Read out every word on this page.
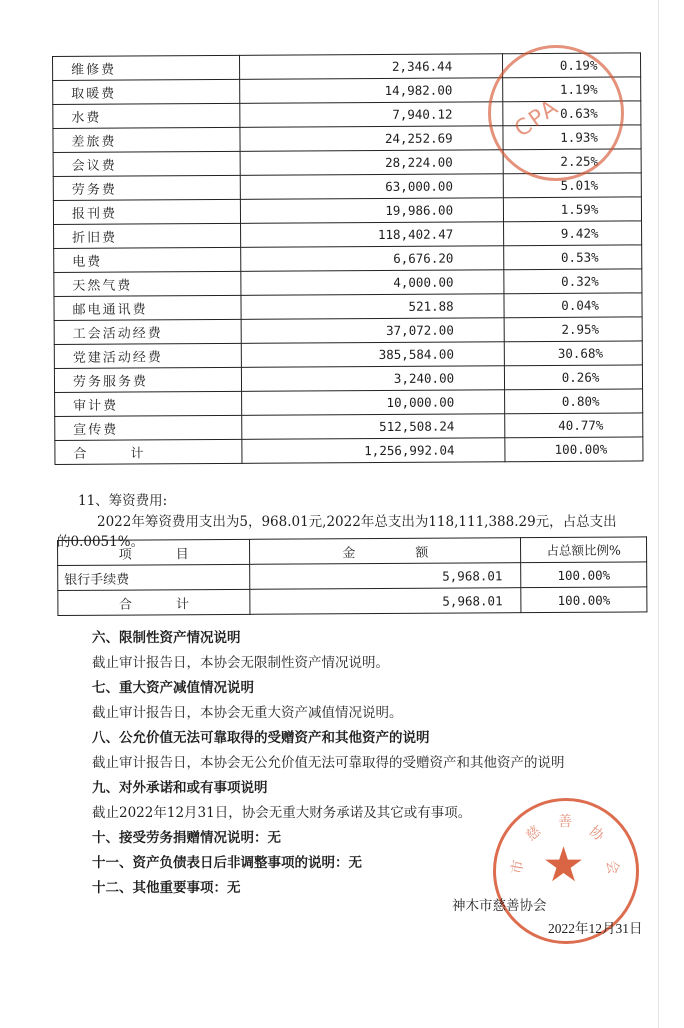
维修费	2,346.44	0.19%
取暖费	14,982.00	1.19%
水费	7,940.12	0.63%
差旅费	24,252.69	1.93%
会议费	28,224.00	2.25%
劳务费	63,000.00	5.01%
报刊费	19,986.00	1.59%
折旧费	118,402.47	9.42%
电费	6,676.20	0.53%
天然气费	4,000.00	0.32%
邮电通讯费	521.88	0.04%
工会活动经费	37,072.00	2.95%
党建活动经费	385,584.00	30.68%
劳务服务费	3,240.00	0.26%
审计费	10,000.00	0.80%
宣传费	512,508.24	40.77%
合 计	1,256,992.04	100.00%
CPA
11、筹资费用:
2022年筹资费用支出为5，968.01元,2022年总支出为118,111,388.29元，占总支出
的0.0051%。
项 目	金 额	占总额比例%
银行手续费	5,968.01	100.00%
合 计	5,968.01	100.00%
六、限制性资产情况说明
截止审计报告日，本协会无限制性资产情况说明。
七、重大资产减值情况说明
截止审计报告日，本协会无重大资产减值情况说明。
八、公允价值无法可靠取得的受赠资产和其他资产的说明
截止审计报告日，本协会无公允价值无法可靠取得的受赠资产和其他资产的说明
九、对外承诺和或有事项说明
截止2022年12月31日，协会无重大财务承诺及其它或有事项。
十、接受劳务捐赠情况说明：无
十一、资产负债表日后非调整事项的说明：无
十二、其他重要事项：无	★
市
慈
善
协
会
神木市慈善协会
2022年12月31日
